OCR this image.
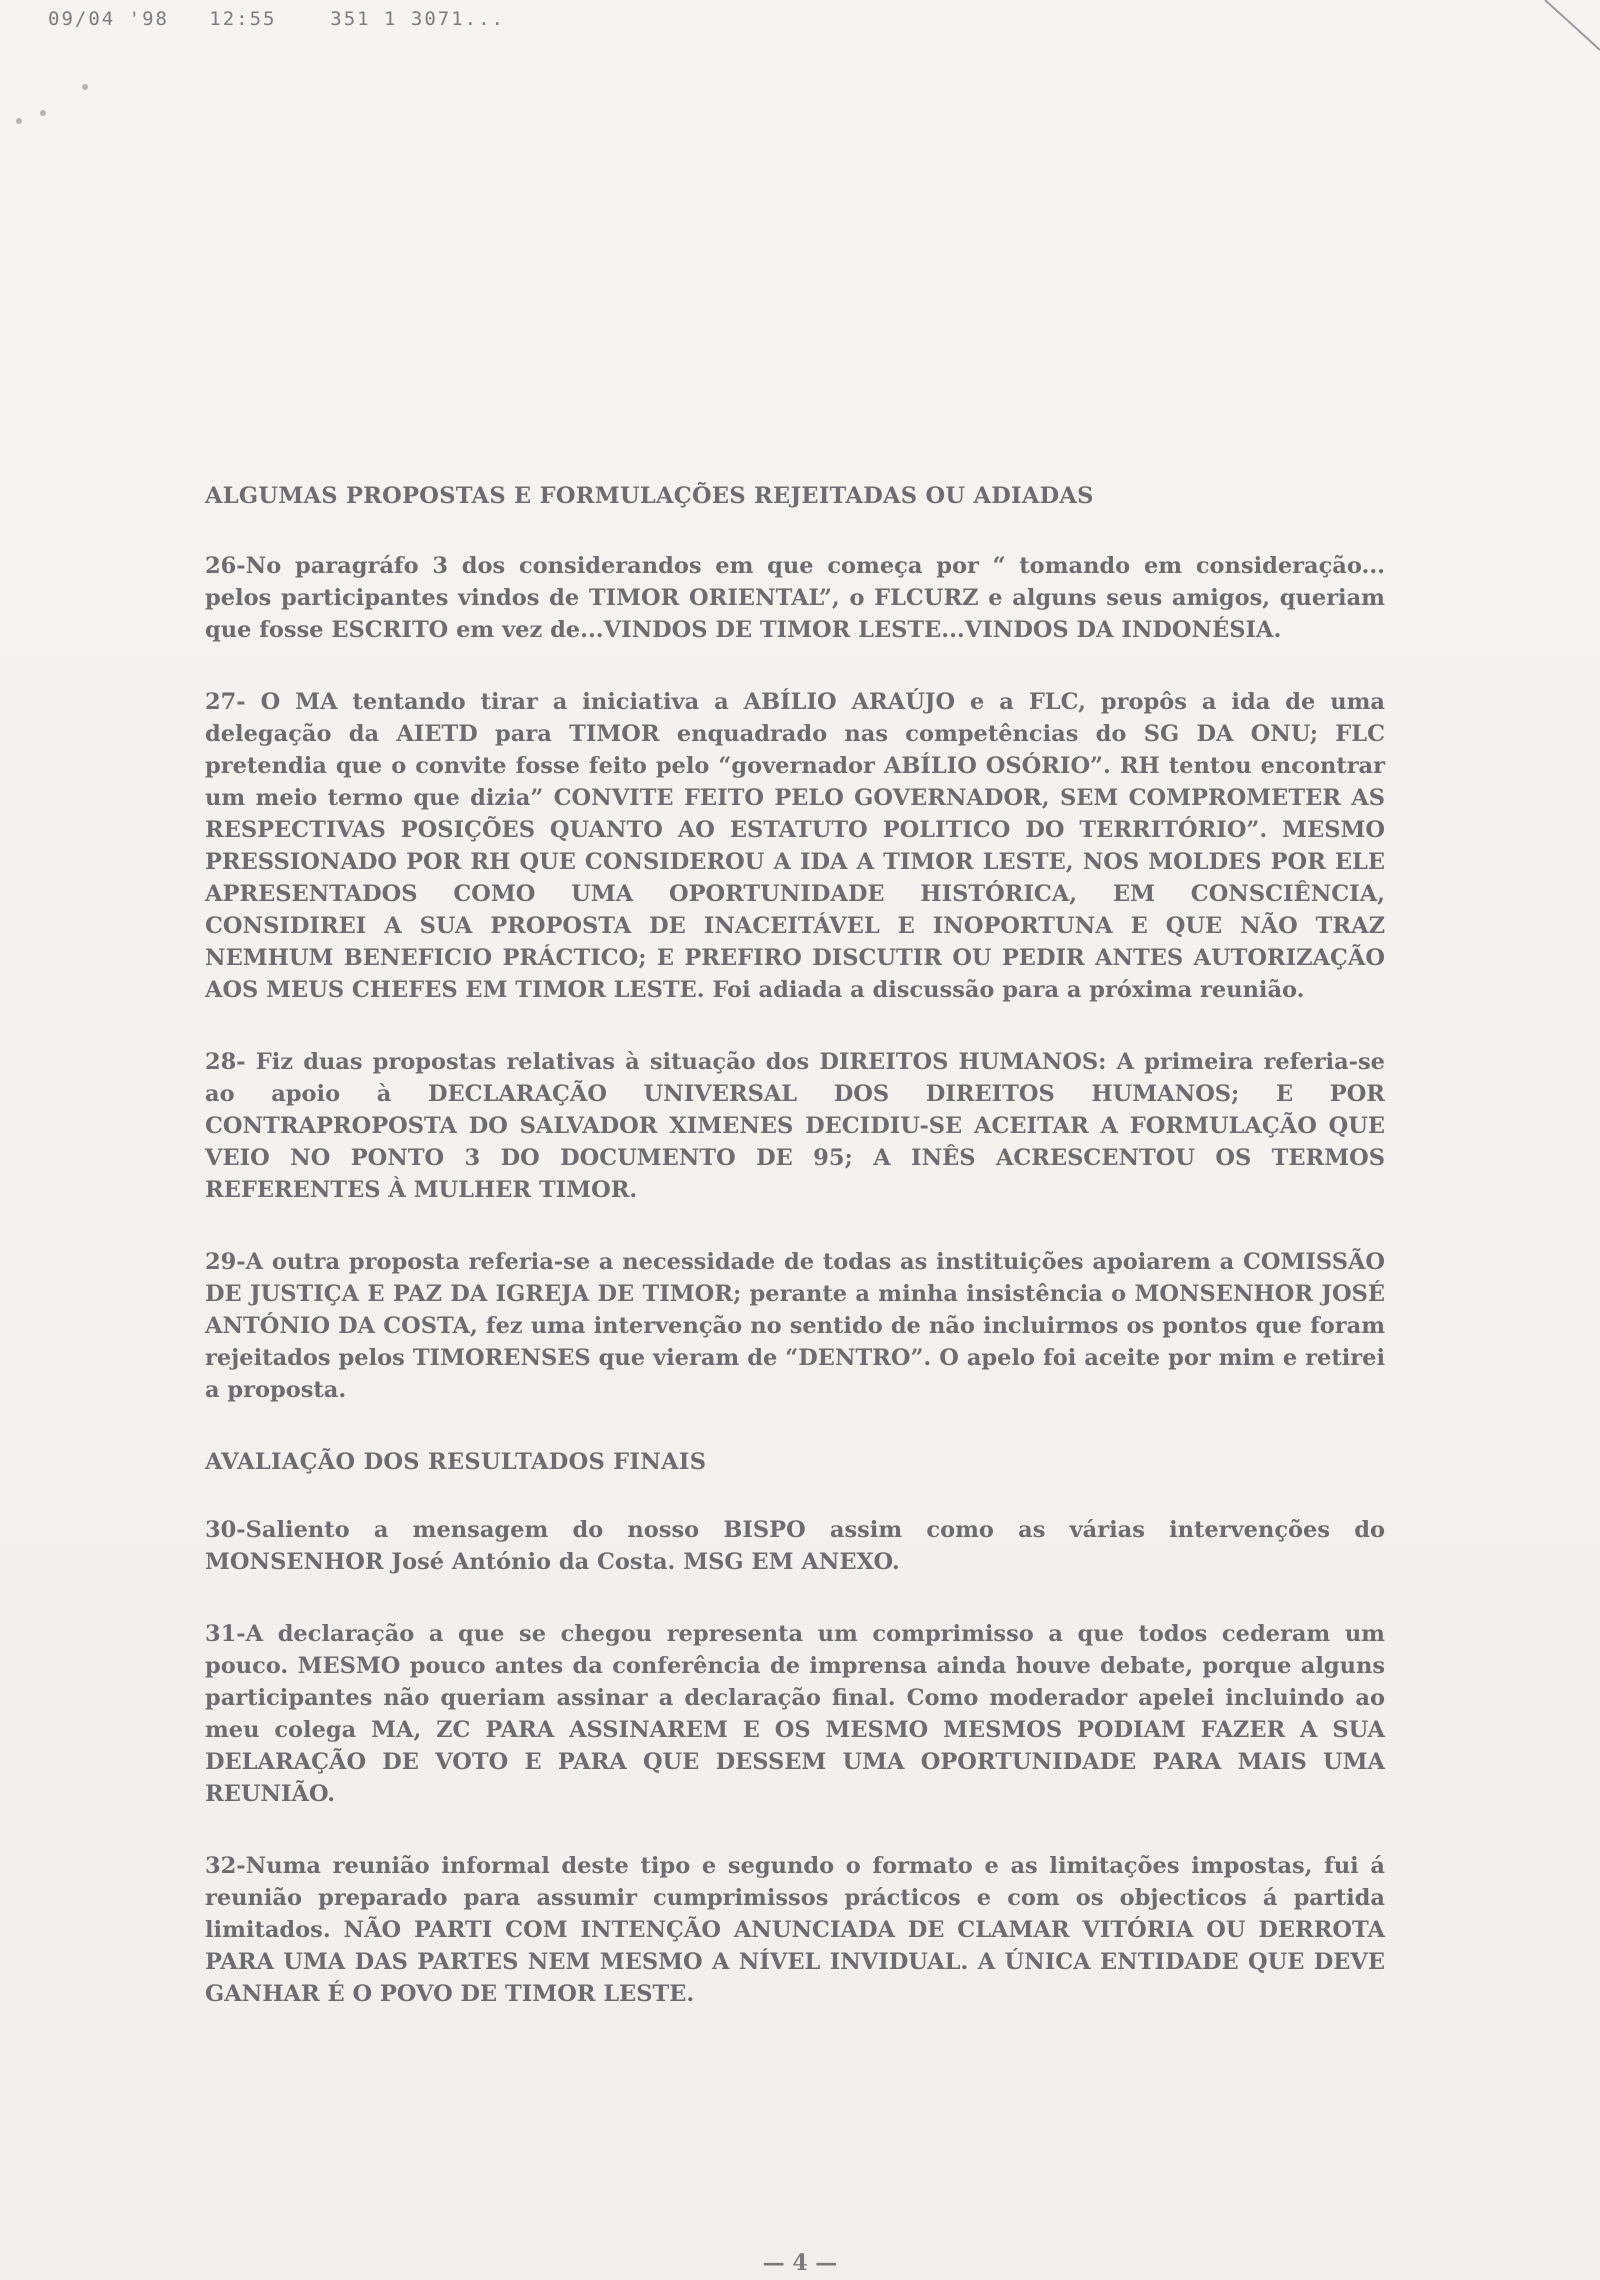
09/04 '98 12:55	351 1 3071...
ALGUMAS PROPOSTAS E FORMULAÇÕES REJEITADAS OU ADIADAS

26-No paragráfo 3 dos considerandos em que começa por “ tomando em consideração... pelos participantes vindos de TIMOR ORIENTAL”, o FLCURZ e alguns seus amigos, queriam que fosse ESCRITO em vez de...VINDOS DE TIMOR LESTE...VINDOS DA INDONÉSIA.

27- O MA tentando tirar a iniciativa a ABÍLIO ARAÚJO e a FLC, propôs a ida de uma delegação da AIETD para TIMOR enquadrado nas competências do SG DA ONU; FLC pretendia que o convite fosse feito pelo “governador ABÍLIO OSÓRIO”. RH tentou encontrar um meio termo que dizia” CONVITE FEITO PELO GOVERNADOR, SEM COMPROMETER AS RESPECTIVAS POSIÇÕES QUANTO AO ESTATUTO POLITICO DO TERRITÓRIO”. MESMO PRESSIONADO POR RH QUE CONSIDEROU A IDA A TIMOR LESTE, NOS MOLDES POR ELE APRESENTADOS COMO UMA OPORTUNIDADE HISTÓRICA, EM CONSCIÊNCIA, CONSIDIREI A SUA PROPOSTA DE INACEITÁVEL E INOPORTUNA E QUE NÃO TRAZ NEMHUM BENEFICIO PRÁCTICO; E PREFIRO DISCUTIR OU PEDIR ANTES AUTORIZAÇÃO AOS MEUS CHEFES EM TIMOR LESTE. Foi adiada a discussão para a próxima reunião.

28- Fiz duas propostas relativas à situação dos DIREITOS HUMANOS: A primeira referia-se ao apoio à DECLARAÇÃO UNIVERSAL DOS DIREITOS HUMANOS; E POR CONTRAPROPOSTA DO SALVADOR XIMENES DECIDIU-SE ACEITAR A FORMULAÇÃO QUE VEIO NO PONTO 3 DO DOCUMENTO DE 95; A INÊS ACRESCENTOU OS TERMOS REFERENTES À MULHER TIMOR.

29-A outra proposta referia-se a necessidade de todas as instituições apoiarem a COMISSÃO DE JUSTIÇA E PAZ DA IGREJA DE TIMOR; perante a minha insistência o MONSENHOR JOSÉ ANTÓNIO DA COSTA, fez uma intervenção no sentido de não incluirmos os pontos que foram rejeitados pelos TIMORENSES que vieram de “DENTRO”. O apelo foi aceite por mim e retirei a proposta.

AVALIAÇÃO DOS RESULTADOS FINAIS

30-Saliento a mensagem do nosso BISPO assim como as várias intervenções do MONSENHOR José António da Costa. MSG EM ANEXO.

31-A declaração a que se chegou representa um comprimisso a que todos cederam um pouco. MESMO pouco antes da conferência de imprensa ainda houve debate, porque alguns participantes não queriam assinar a declaração final. Como moderador apelei incluindo ao meu colega MA, ZC PARA ASSINAREM E OS MESMO MESMOS PODIAM FAZER A SUA DELARAÇÃO DE VOTO E PARA QUE DESSEM UMA OPORTUNIDADE PARA MAIS UMA REUNIÃO.

32-Numa reunião informal deste tipo e segundo o formato e as limitações impostas, fui á reunião preparado para assumir cumprimissos prácticos e com os objecticos á partida limitados. NÃO PARTI COM INTENÇÃO ANUNCIADA DE CLAMAR VITÓRIA OU DERROTA PARA UMA DAS PARTES NEM MESMO A NÍVEL INVIDUAL. A ÚNICA ENTIDADE QUE DEVE GANHAR É O POVO DE TIMOR LESTE.

— 4 —
